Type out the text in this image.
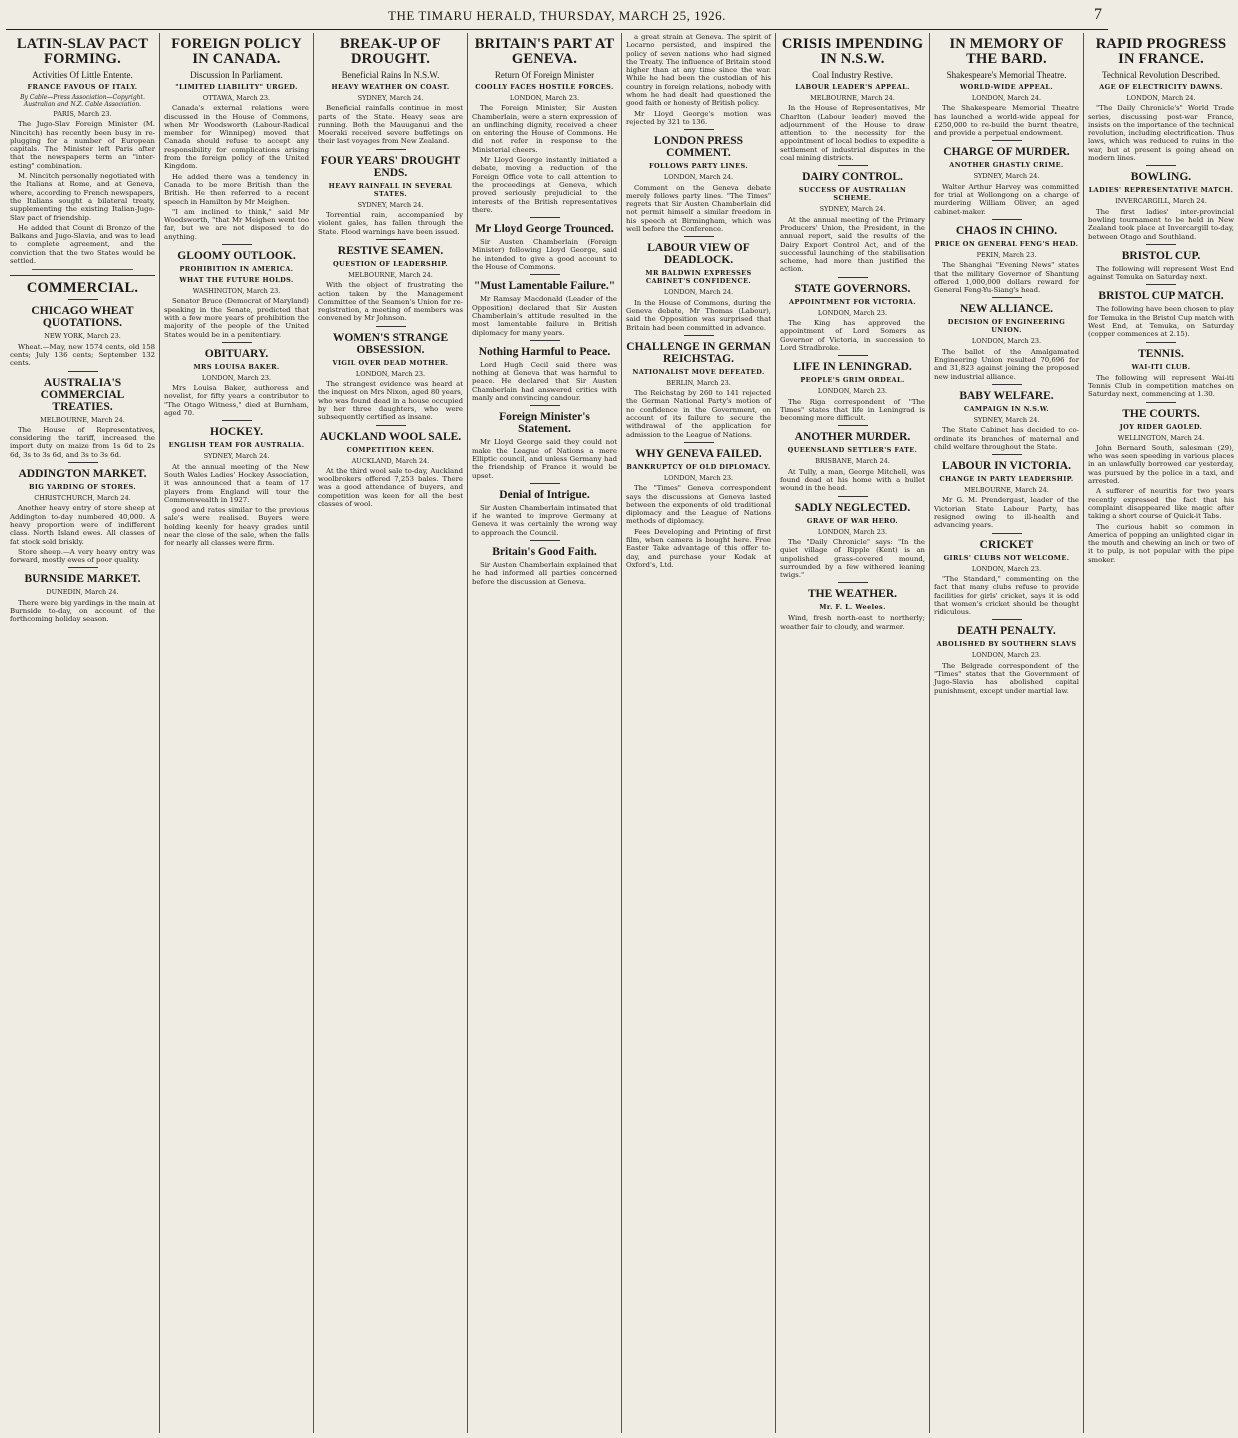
THE TIMARU HERALD, THURSDAY, MARCH 25, 1926.	7
LATIN-SLAV PACT FORMING.
Activities Of Little Entente.
FRANCE FAVOUS OF ITALY.
By Cable—Press Association—Copyright. Australian and N.Z. Cable Association.
PARIS, March 23.

The Jugo-Slav Foreign Minister (M. Nincitch) has recently been busy in re-plugging for a number of European capitals. The Minister left Paris after that the newspapers term an "inter-esting" combination.

M. Nincitch personally negotiated with the Italians at Rome, and at Geneva, where, according to French newspapers, the Italians sought a bilateral treaty, supplementing the existing Italian-Jugo-Slav pact of friendship.

He added that Count di Bronzo of the Balkans and Jugo-Slavia, and was to lead to complete agreement, and the conviction that the two States would be settled.

COMMERCIAL.
CHICAGO WHEAT QUOTATIONS.
NEW YORK, March 23.

Wheat.—May, new 1574 cents, old 158 cents; July 136 cents; September 132 cents.

AUSTRALIA'S COMMERCIAL TREATIES.
MELBOURNE, March 24.

The House of Representatives, considering the tariff, increased the import duty on maize from 1s 6d to 2s 6d, 3s to 3s 6d, and 3s to 3s 6d.

ADDINGTON MARKET.
BIG YARDING OF STORES.
CHRISTCHURCH, March 24.

Another heavy entry of store sheep at Addington to-day numbered 40,000. A heavy proportion were of indifferent class. North Island ewes. All classes of fat stock sold briskly.

Store sheep.—A very heavy entry was forward, mostly ewes of poor quality.

BURNSIDE MARKET.
DUNEDIN, March 24.

There were big yardings in the main at Burnside to-day, on account of the forthcoming holiday season.

FOREIGN POLICY IN CANADA.
Discussion In Parliament.
"LIMITED LIABILITY" URGED.
OTTAWA, March 23.

Canada's external relations were discussed in the House of Commons, when Mr Woodsworth (Labour-Radical member for Winnipeg) moved that Canada should refuse to accept any responsibility for complications arising from the foreign policy of the United Kingdom.

He added there was a tendency in Canada to be more British than the British. He then referred to a recent speech in Hamilton by Mr Meighen.

"I am inclined to think," said Mr Woodsworth, "that Mr Meighen went too far, but we are not disposed to do anything.

GLOOMY OUTLOOK.
PROHIBITION IN AMERICA.
WHAT THE FUTURE HOLDS.
WASHINGTON, March 23.

Senator Bruce (Democrat of Maryland) speaking in the Senate, predicted that with a few more years of prohibition the majority of the people of the United States would be in a penitentiary.

OBITUARY.
MRS LOUISA BAKER.
LONDON, March 23.

Mrs Louisa Baker, authoress and novelist, for fifty years a contributor to "The Otago Witness," died at Burnham, aged 70.

HOCKEY.
ENGLISH TEAM FOR AUSTRALIA.
SYDNEY, March 24.

At the annual meeting of the New South Wales Ladies' Hockey Association, it was announced that a team of 17 players from England will tour the Commonwealth in 1927.

good and rates similar to the previous sale's were realised. Buyers were holding keenly for heavy grades until near the close of the sale, when the falls for nearly all classes were firm.

BREAK-UP OF DROUGHT.
Beneficial Rains In N.S.W.
HEAVY WEATHER ON COAST.
SYDNEY, March 24.

Beneficial rainfalls continue in most parts of the State. Heavy seas are running. Both the Mauuganui and the Moeraki received severe buffetings on their last voyages from New Zealand.

FOUR YEARS' DROUGHT ENDS.
HEAVY RAINFALL IN SEVERAL STATES.
SYDNEY, March 24.

Torrential rain, accompanied by violent gales, has fallen through the State. Flood warnings have been issued.

RESTIVE SEAMEN.
QUESTION OF LEADERSHIP.
MELBOURNE, March 24.

With the object of frustrating the action taken by the Management Committee of the Seamen's Union for re-registration, a meeting of members was convened by Mr Johnson.

WOMEN'S STRANGE OBSESSION.
VIGIL OVER DEAD MOTHER.
LONDON, March 23.

The strangest evidence was heard at the inquest on Mrs Nixon, aged 80 years, who was found dead in a house occupied by her three daughters, who were subsequently certified as insane.

AUCKLAND WOOL SALE.
COMPETITION KEEN.
AUCKLAND, March 24.

At the third wool sale to-day, Auckland woolbrokers offered 7,253 bales. There was a good attendance of buyers, and competition was keen for all the best classes of wool.

BRITAIN'S PART AT GENEVA.
Return Of Foreign Minister
COOLLY FACES HOSTILE FORCES.
LONDON, March 23.

The Foreign Minister, Sir Austen Chamberlain, were a stern expression of an unflinching dignity, received a cheer on entering the House of Commons. He did not refer in response to the Ministerial cheers.

Mr Lloyd George instantly initiated a debate, moving a reduction of the Foreign Office vote to call attention to the proceedings at Geneva, which proved seriously prejudicial to the interests of the British representatives there.

Mr Lloyd George Trounced.

Sir Austen Chamberlain (Foreign Minister) following Lloyd George, said he intended to give a good account to the House of Commons.

"Must Lamentable Failure."

Mr Ramsay Macdonald (Leader of the Opposition) declared that Sir Austen Chamberlain's attitude resulted in the most lamentable failure in British diplomacy for many years.

Nothing Harmful to Peace.

Lord Hugh Cecil said there was nothing at Geneva that was harmful to peace. He declared that Sir Austen Chamberlain had answered critics with manly and convincing candour.

Foreign Minister's Statement.

Mr Lloyd George said they could not make the League of Nations a mere Elliptic council, and unless Germany had the friendship of France it would be upset.

Denial of Intrigue.

Sir Austen Chamberlain intimated that if he wanted to improve Germany at Geneva it was certainly the wrong way to approach the Council.

Britain's Good Faith.

Sir Austen Chamberlain explained that he had informed all parties concerned before the discussion at Geneva.

a great strain at Geneva. The spirit of Locarno persisted, and inspired the policy of seven nations who had signed the Treaty. The influence of Britain stood higher than at any time since the war. While he had been the custodian of his country in foreign relations, nobody with whom he had dealt had questioned the good faith or honesty of British policy.

Mr Lloyd George's motion was rejected by 321 to 136.

LONDON PRESS COMMENT.
FOLLOWS PARTY LINES.
LONDON, March 24.

Comment on the Geneva debate merely follows party lines. "The Times" regrets that Sir Austen Chamberlain did not permit himself a similar freedom in his speech at Birmingham, which was well before the Conference.

LABOUR VIEW OF DEADLOCK.
MR BALDWIN EXPRESSES CABINET'S CONFIDENCE.
LONDON, March 24.

In the House of Commons, during the Geneva debate, Mr Thomas (Labour), said the Opposition was surprised that Britain had been committed in advance.

CHALLENGE IN GERMAN REICHSTAG.
NATIONALIST MOVE DEFEATED.
BERLIN, March 23.

The Reichstag by 260 to 141 rejected the German National Party's motion of no confidence in the Government, on account of its failure to secure the withdrawal of the application for admission to the League of Nations.

WHY GENEVA FAILED.
BANKRUPTCY OF OLD DIPLOMACY.
LONDON, March 23.

The "Times" Geneva correspondent says the discussions at Geneva lasted between the exponents of old traditional diplomacy and the League of Nations methods of diplomacy.

Fees Developing and Printing of first film, when camera is bought here. Free Easter Take advantage of this offer to-day, and purchase your Kodak at Oxford's, Ltd.

CRISIS IMPENDING IN N.S.W.
Coal Industry Restive.
LABOUR LEADER'S APPEAL.
MELBOURNE, March 24.

In the House of Representatives, Mr Charlton (Labour leader) moved the adjournment of the House to draw attention to the necessity for the appointment of local bodies to expedite a settlement of industrial disputes in the coal mining districts.

DAIRY CONTROL.
SUCCESS OF AUSTRALIAN SCHEME.
SYDNEY, March 24.

At the annual meeting of the Primary Producers' Union, the President, in the annual report, said the results of the Dairy Export Control Act, and of the successful launching of the stabilisation scheme, had more than justified the action.

STATE GOVERNORS.
APPOINTMENT FOR VICTORIA.
LONDON, March 23.

The King has approved the appointment of Lord Somers as Governor of Victoria, in succession to Lord Stradbroke.

LIFE IN LENINGRAD.
PEOPLE'S GRIM ORDEAL.
LONDON, March 23.

The Riga correspondent of "The Times" states that life in Leningrad is becoming more difficult.

ANOTHER MURDER.
QUEENSLAND SETTLER'S FATE.
BRISBANE, March 24.

At Tully, a man, George Mitchell, was found dead at his home with a bullet wound in the head.

SADLY NEGLECTED.
GRAVE OF WAR HERO.
LONDON, March 23.

The "Daily Chronicle" says: "In the quiet village of Ripple (Kent) is an unpolished grass-covered mound, surrounded by a few withered leaning twigs."

THE WEATHER.
Mr. F. L. Weeles.

Wind, fresh north-east to northerly; weather fair to cloudy, and warmer.

IN MEMORY OF THE BARD.
Shakespeare's Memorial Theatre.
WORLD-WIDE APPEAL.
LONDON, March 24.

The Shakespeare Memorial Theatre has launched a world-wide appeal for £250,000 to re-build the burnt theatre, and provide a perpetual endowment.

CHARGE OF MURDER.
ANOTHER GHASTLY CRIME.
SYDNEY, March 24.

Walter Arthur Harvey was committed for trial at Wollongong on a charge of murdering William Oliver, an aged cabinet-maker.

CHAOS IN CHINO.
PRICE ON GENERAL FENG'S HEAD.
PEKIN, March 23.

The Shanghai "Evening News" states that the military Governor of Shantung offered 1,000,000 dollars reward for General Feng-Yu-Siang's head.

NEW ALLIANCE.
DECISION OF ENGINEERING UNION.
LONDON, March 23.

The ballot of the Amalgamated Engineering Union resulted 70,696 for and 31,823 against joining the proposed new industrial alliance.

BABY WELFARE.
CAMPAIGN IN N.S.W.
SYDNEY, March 24.

The State Cabinet has decided to co-ordinate its branches of maternal and child welfare throughout the State.

LABOUR IN VICTORIA.
CHANGE IN PARTY LEADERSHIP.
MELBOURNE, March 24.

Mr G. M. Prendergast, leader of the Victorian State Labour Party, has resigned owing to ill-health and advancing years.

CRICKET
GIRLS' CLUBS NOT WELCOME.
LONDON, March 23.

"The Standard," commenting on the fact that many clubs refuse to provide facilities for girls' cricket, says it is odd that women's cricket should be thought ridiculous.

DEATH PENALTY.
ABOLISHED BY SOUTHERN SLAVS
LONDON, March 23.

The Belgrade correspondent of the "Times" states that the Government of Jugo-Slavia has abolished capital punishment, except under martial law.

RAPID PROGRESS IN FRANCE.
Technical Revolution Described.
AGE OF ELECTRICITY DAWNS.
LONDON, March 24.

"The Daily Chronicle's" World Trade series, discussing post-war France, insists on the importance of the technical revolution, including electrification. Thus laws, which was reduced to ruins in the war, but at present is going ahead on modern lines.

BOWLING.
LADIES' REPRESENTATIVE MATCH.
INVERCARGILL, March 24.

The first ladies' inter-provincial bowling tournament to be held in New Zealand took place at Invercargill to-day, between Otago and Southland.

BRISTOL CUP.

The following will represent West End against Temuka on Saturday next.

BRISTOL CUP MATCH.

The following have been chosen to play for Temuka in the Bristol Cup match with West End, at Temuka, on Saturday (copper commences at 2.15).

TENNIS.
WAI-ITI CLUB.

The following will represent Wai-iti Tennis Club in competition matches on Saturday next, commencing at 1.30.

THE COURTS.
JOY RIDER GAOLED.
WELLINGTON, March 24.

John Bernard South, salesman (29), who was seen speeding in various places in an unlawfully borrowed car yesterday, was pursued by the police in a taxi, and arrested.

A sufferer of neuritis for two years recently expressed the fact that his complaint disappeared like magic after taking a short course of Quick-it Tabs.

The curious habit so common in America of popping an unlighted cigar in the mouth and chewing an inch or two of it to pulp, is not popular with the pipe smoker.
